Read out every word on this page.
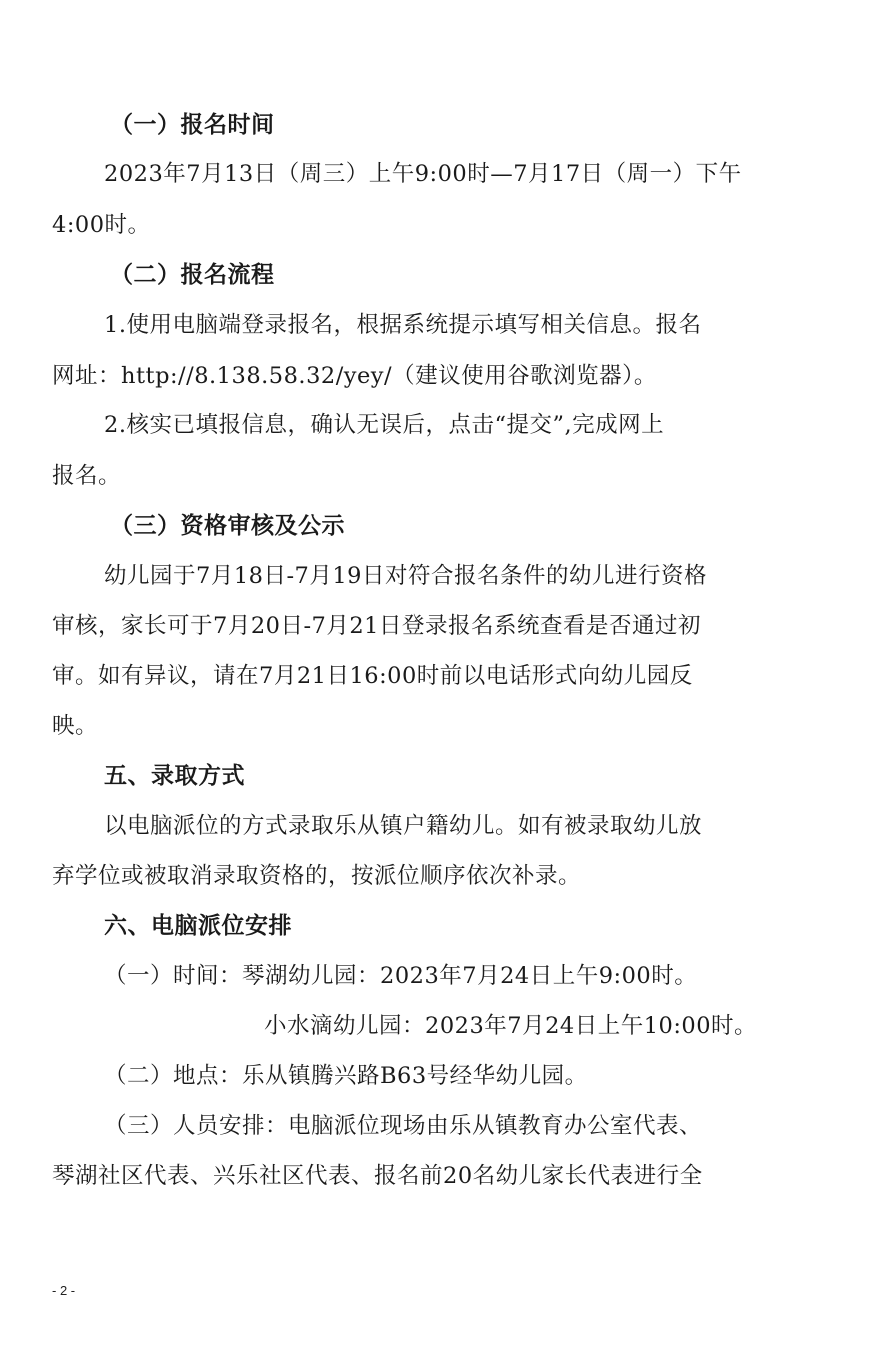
（一）报名时间
2023年7月13日（周三）上午9:00时—7月17日（周一）下午
4:00时。
（二）报名流程
1.使用电脑端登录报名，根据系统提示填写相关信息。报名
网址：http://8.138.58.32/yey/（建议使用谷歌浏览器）。
2.核实已填报信息，确认无误后，点击“提交”,完成网上
报名。
（三）资格审核及公示
幼儿园于7月18日-7月19日对符合报名条件的幼儿进行资格
审核，家长可于7月20日-7月21日登录报名系统查看是否通过初
审。如有异议，请在7月21日16:00时前以电话形式向幼儿园反
映。
五、录取方式
以电脑派位的方式录取乐从镇户籍幼儿。如有被录取幼儿放
弃学位或被取消录取资格的，按派位顺序依次补录。
六、电脑派位安排
（一）时间：琴湖幼儿园：2023年7月24日上午9:00时。
小水滴幼儿园：2023年7月24日上午10:00时。
（二）地点：乐从镇腾兴路B63号经华幼儿园。
（三）人员安排：电脑派位现场由乐从镇教育办公室代表、
琴湖社区代表、兴乐社区代表、报名前20名幼儿家长代表进行全
- 2 -
